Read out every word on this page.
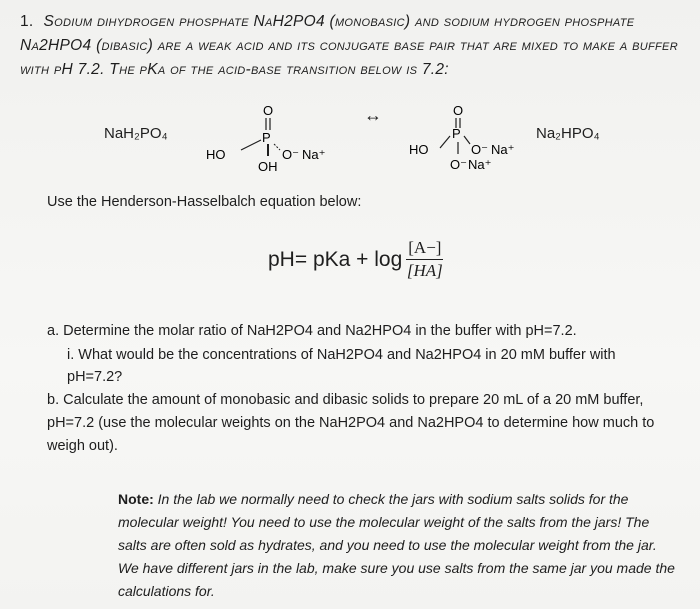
1. Sodium dihydrogen phosphate NaH2PO4 (monobasic) and sodium hydrogen phosphate Na2HPO4 (dibasic) are a weak acid and its conjugate base pair that are mixed to make a buffer with pH 7.2. The pKa of the acid-base transition below is 7.2:
NaH₂PO₄
O
P
HO	O⁻ Na⁺
OH
↔	O
P
HO	O⁻ Na⁺
O⁻ Na⁺
Na₂HPO₄
Use the Henderson-Hasselbalch equation below:
pH= pKa + $\log \frac{[A-]}{[HA]}$
a. Determine the molar ratio of NaH2PO4 and Na2HPO4 in the buffer with pH=7.2.
i. What would be the concentrations of NaH2PO4 and Na2HPO4 in 20 mM buffer with
pH=7.2?
b. Calculate the amount of monobasic and dibasic solids to prepare 20 mL of a 20 mM buffer,
pH=7.2 (use the molecular weights on the NaH2PO4 and Na2HPO4 to determine how much to
weigh out).
Note: In the lab we normally need to check the jars with sodium salts solids for the molecular weight! You need to use the molecular weight of the salts from the jars! The salts are often sold as hydrates, and you need to use the molecular weight from the jar. We have different jars in the lab, make sure you use salts from the same jar you made the calculations for.
